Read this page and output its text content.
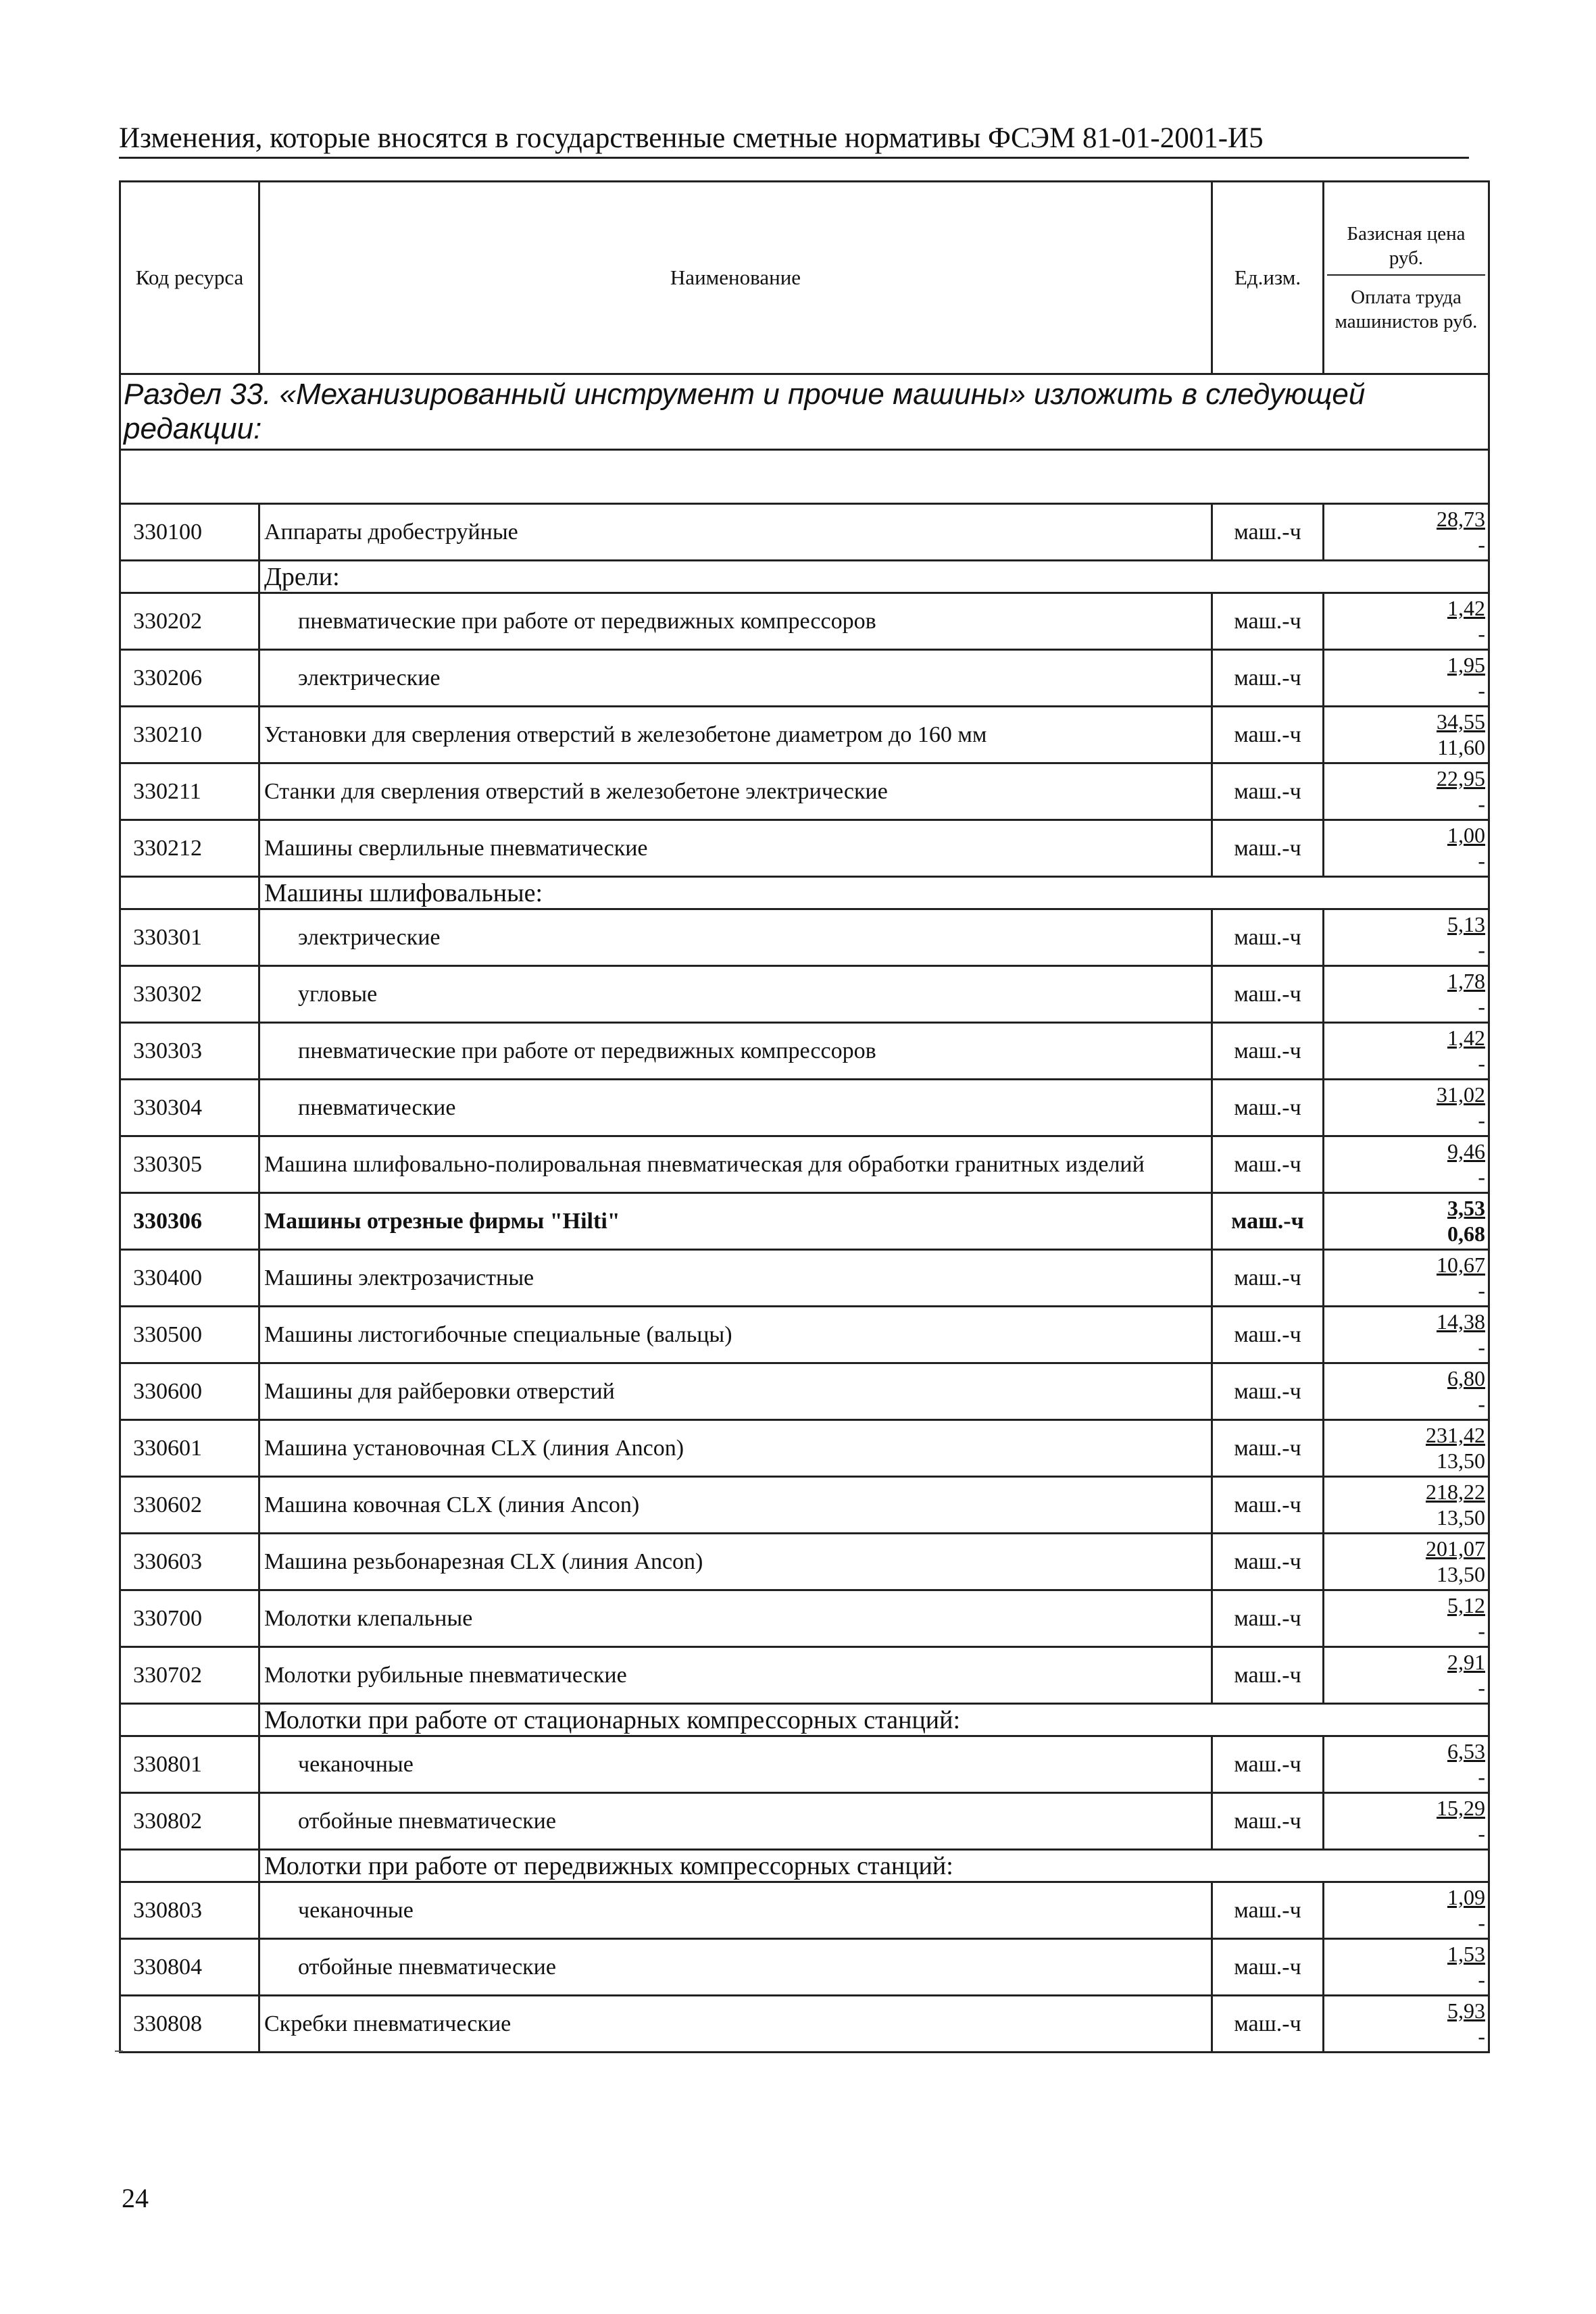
Изменения, которые вносятся в государственные сметные нормативы ФСЭМ 81-01-2001-И5
Код ресурса	Наименование	Ед.изм.	Базисная цена руб.
Оплата труда машинистов руб.
Раздел 33. «Механизированный инструмент и прочие машины» изложить в следующей редакции:			

330100	Аппараты дробеструйные	маш.-ч	28,73
-

	Дрели:		
330202	пневматические при работе от передвижных компрессоров	маш.-ч	1,42
-

330206	электрические	маш.-ч	1,95
-

330210	Установки для сверления отверстий в железобетоне диаметром до 160 мм	маш.-ч	34,55
11,60

330211	Станки для сверления отверстий в железобетоне электрические	маш.-ч	22,95
-

330212	Машины сверлильные пневматические	маш.-ч	1,00
-

	Машины шлифовальные:		
330301	электрические	маш.-ч	5,13
-

330302	угловые	маш.-ч	1,78
-

330303	пневматические при работе от передвижных компрессоров	маш.-ч	1,42
-

330304	пневматические	маш.-ч	31,02
-

330305	Машина шлифовально-полировальная пневматическая для обработки гранитных изделий	маш.-ч	9,46
-

330306	Машины отрезные фирмы "Hilti"	маш.-ч	3,53
0,68

330400	Машины электрозачистные	маш.-ч	10,67
-

330500	Машины листогибочные специальные (вальцы)	маш.-ч	14,38
-

330600	Машины для райберовки отверстий	маш.-ч	6,80
-

330601	Машина установочная CLX (линия Ancon)	маш.-ч	231,42
13,50

330602	Машина ковочная CLX (линия Ancon)	маш.-ч	218,22
13,50

330603	Машина резьбонарезная CLX (линия Ancon)	маш.-ч	201,07
13,50

330700	Молотки клепальные	маш.-ч	5,12
-

330702	Молотки рубильные пневматические	маш.-ч	2,91
-

	Молотки при работе от стационарных компрессорных станций:		
330801	чеканочные	маш.-ч	6,53
-

330802	отбойные пневматические	маш.-ч	15,29
-

	Молотки при работе от передвижных компрессорных станций:		
330803	чеканочные	маш.-ч	1,09
-

330804	отбойные пневматические	маш.-ч	1,53
-

330808	Скребки пневматические	маш.-ч	5,93
-
24
